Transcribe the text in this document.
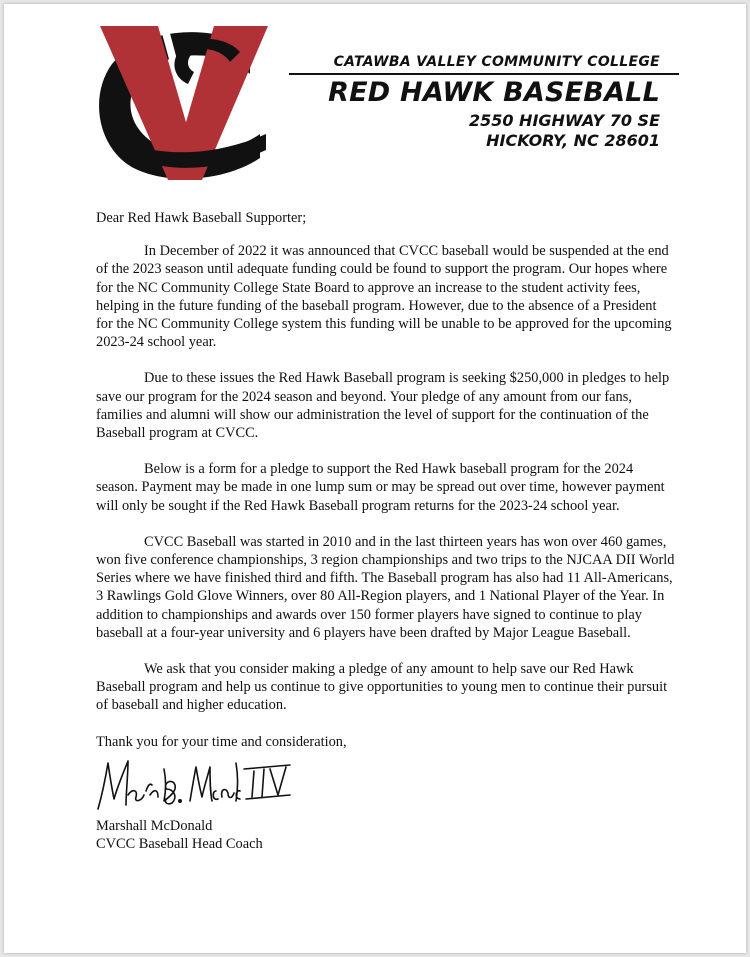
CV

CATAWBA VALLEY COMMUNITY COLLEGE

RED HAWK BASEBALL

2550 HIGHWAY 70 SE

HICKORY, NC 28601

Dear Red Hawk Baseball Supporter;

In December of 2022 it was announced that CVCC baseball would be suspended at the end of the 2023 season until adequate funding could be found to support the program. Our hopes where for the NC Community College State Board to approve an increase to the student activity fees, helping in the future funding of the baseball program. However, due to the absence of a President for the NC Community College system this funding will be unable to be approved for the upcoming 2023-24 school year.

Due to these issues the Red Hawk Baseball program is seeking $250,000 in pledges to help save our program for the 2024 season and beyond. Your pledge of any amount from our fans, families and alumni will show our administration the level of support for the continuation of the Baseball program at CVCC.

Below is a form for a pledge to support the Red Hawk baseball program for the 2024 season. Payment may be made in one lump sum or may be spread out over time, however payment will only be sought if the Red Hawk Baseball program returns for the 2023-24 school year.

CVCC Baseball was started in 2010 and in the last thirteen years has won over 460 games, won five conference championships, 3 region championships and two trips to the NJCAA DII World Series where we have finished third and fifth. The Baseball program has also had 11 All-Americans, 3 Rawlings Gold Glove Winners, over 80 All-Region players, and 1 National Player of the Year. In addition to championships and awards over 150 former players have signed to continue to play baseball at a four-year university and 6 players have been drafted by Major League Baseball.

We ask that you consider making a pledge of any amount to help save our Red Hawk Baseball program and help us continue to give opportunities to young men to continue their pursuit of baseball and higher education.

Thank you for your time and consideration,

Mark B. McDonald IV

Marshall McDonald

CVCC Baseball Head Coach
